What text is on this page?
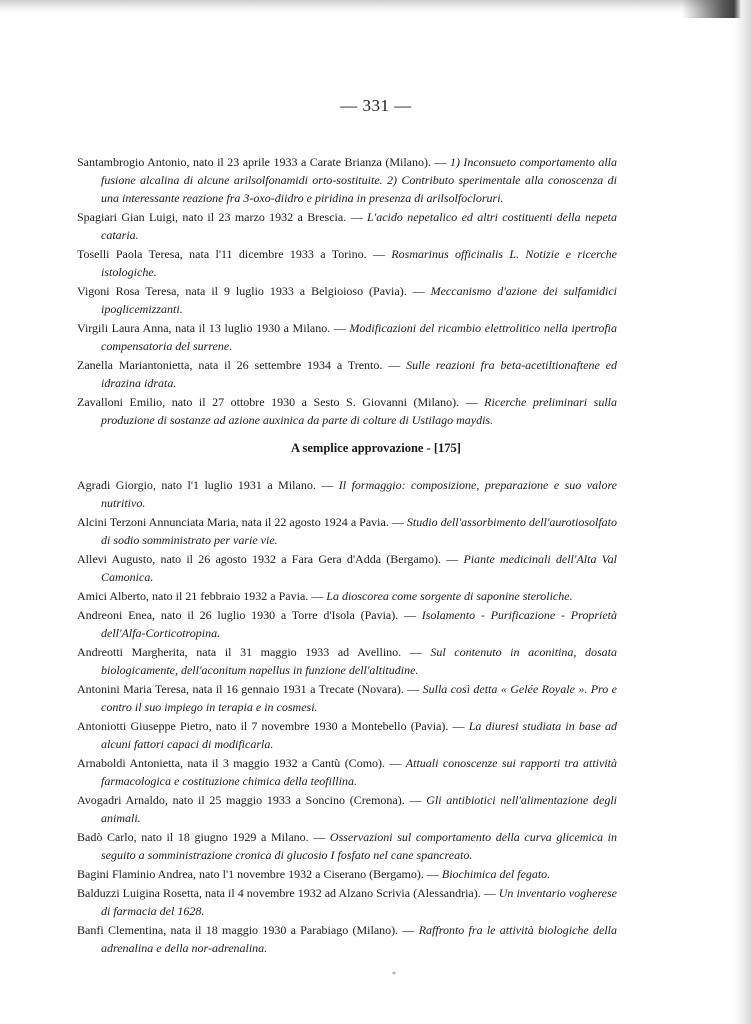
— 331 —

Santambrogio Antonio, nato il 23 aprile 1933 a Carate Brianza (Milano). — 1) Inconsueto comportamento alla fusione alcalina di alcune arilsolfonamidi orto-sostituite. 2) Contributo sperimentale alla conoscenza di una interessante reazione fra 3-oxo-diidro e piridina in presenza di arilsolfocloruri.

Spagiari Gian Luigi, nato il 23 marzo 1932 a Brescia. — L'acido nepetalico ed altri costituenti della nepeta cataria.

Toselli Paola Teresa, nata l'11 dicembre 1933 a Torino. — Rosmarinus officinalis L. Notizie e ricerche istologiche.

Vigoni Rosa Teresa, nata il 9 luglio 1933 a Belgioioso (Pavia). — Meccanismo d'azione dei sulfamidici ipoglicemizzanti.

Virgili Laura Anna, nata il 13 luglio 1930 a Milano. — Modificazioni del ricambio elettrolitico nella ipertrofia compensatoria del surrene.

Zanella Mariantonietta, nata il 26 settembre 1934 a Trento. — Sulle reazioni fra beta-acetiltionaftene ed idrazina idrata.

Zavalloni Emilio, nato il 27 ottobre 1930 a Sesto S. Giovanni (Milano). — Ricerche preliminari sulla produzione di sostanze ad azione auxinica da parte di colture di Ustilago maydis.

A semplice approvazione - [175]

Agradi Giorgio, nato l'1 luglio 1931 a Milano. — Il formaggio: composizione, preparazione e suo valore nutritivo.

Alcini Terzoni Annunciata Maria, nata il 22 agosto 1924 a Pavia. — Studio dell'assorbimento dell'aurotiosolfato di sodio somministrato per varie vie.

Allevi Augusto, nato il 26 agosto 1932 a Fara Gera d'Adda (Bergamo). — Piante medicinali dell'Alta Val Camonica.

Amici Alberto, nato il 21 febbraio 1932 a Pavia. — La dioscorea come sorgente di saponine steroliche.

Andreoni Enea, nato il 26 luglio 1930 a Torre d'Isola (Pavia). — Isolamento - Purificazione - Proprietà dell'Alfa-Corticotropina.

Andreotti Margherita, nata il 31 maggio 1933 ad Avellino. — Sul contenuto in aconitina, dosata biologicamente, dell'aconitum napellus in funzione dell'altitudine.

Antonini Maria Teresa, nata il 16 gennaio 1931 a Trecate (Novara). — Sulla così detta « Gelée Royale ». Pro e contro il suo impiego in terapia e in cosmesi.

Antoniotti Giuseppe Pietro, nato il 7 novembre 1930 a Montebello (Pavia). — La diuresi studiata in base ad alcuni fattori capaci di modificarla.

Arnaboldi Antonietta, nata il 3 maggio 1932 a Cantù (Como). — Attuali conoscenze sui rapporti tra attività farmacologica e costituzione chimica della teofillina.

Avogadri Arnaldo, nato il 25 maggio 1933 a Soncino (Cremona). — Gli antibiotici nell'alimentazione degli animali.

Badò Carlo, nato il 18 giugno 1929 a Milano. — Osservazioni sul comportamento della curva glicemica in seguito a somministrazione cronica di glucosio I fosfato nel cane spancreato.

Bagini Flaminio Andrea, nato l'1 novembre 1932 a Ciserano (Bergamo). — Biochimica del fegato.

Balduzzi Luigina Rosetta, nata il 4 novembre 1932 ad Alzano Scrivia (Alessandria). — Un inventario vogherese di farmacia del 1628.

Banfi Clementina, nata il 18 maggio 1930 a Parabiago (Milano). — Raffronto fra le attività biologiche della adrenalina e della nor-adrenalina.

*
